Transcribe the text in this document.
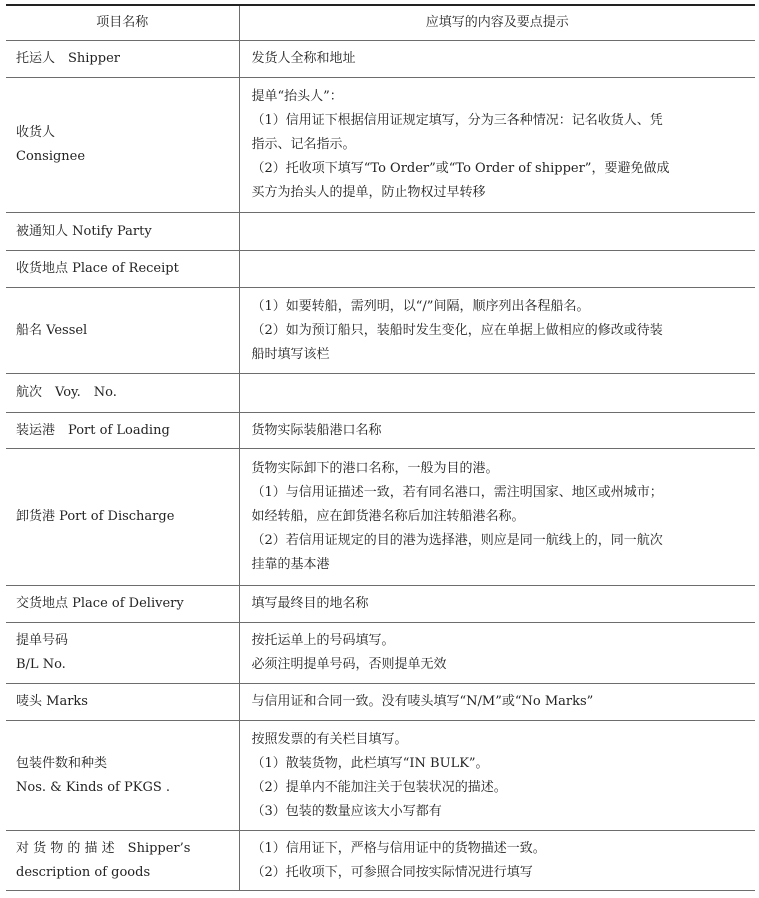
项目名称	应填写的内容及要点提示

托运人　Shipper	发货人全称和地址

收货人
Consignee	提单“抬头人”：
（1）信用证下根据信用证规定填写，分为三各种情况：记名收货人、凭
指示、记名指示。
（2）托收项下填写“To Order”或“To Order of shipper”，要避免做成
买方为抬头人的提单，防止物权过早转移

被通知人 Notify Party	

收货地点 Place of Receipt	

船名 Vessel	（1）如要转船，需列明，以“/”间隔，顺序列出各程船名。
（2）如为预订船只，装船时发生变化，应在单据上做相应的修改或待装
船时填写该栏

航次　Voy.　No.	

装运港　Port of Loading	货物实际装船港口名称

卸货港 Port of Discharge	货物实际卸下的港口名称，一般为目的港。
（1）与信用证描述一致，若有同名港口，需注明国家、地区或州城市；
如经转船，应在卸货港名称后加注转船港名称。
（2）若信用证规定的目的港为选择港，则应是同一航线上的，同一航次
挂靠的基本港

交货地点 Place of Delivery	填写最终目的地名称

提单号码
B/L No.	按托运单上的号码填写。
必须注明提单号码，否则提单无效

唛头 Marks	与信用证和合同一致。没有唛头填写“N/M”或“No Marks”

包装件数和种类
Nos. & Kinds of PKGS .	按照发票的有关栏目填写。
（1）散装货物，此栏填写“IN BULK”。
（2）提单内不能加注关于包装状况的描述。
（3）包装的数量应该大小写都有

对 货 物 的 描 述　Shipper’s
description of goods	（1）信用证下，严格与信用证中的货物描述一致。
（2）托收项下，可参照合同按实际情况进行填写
